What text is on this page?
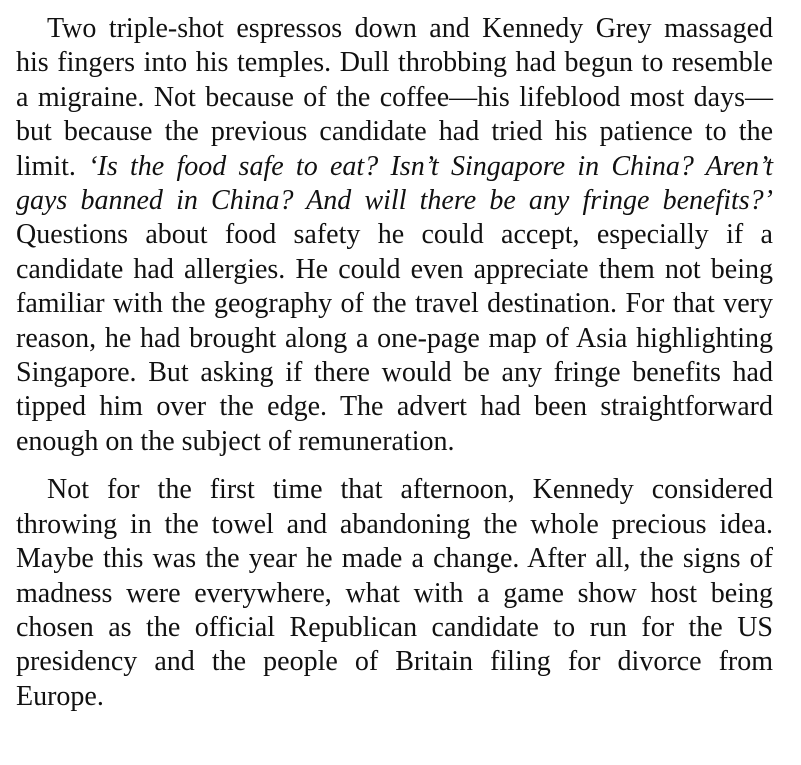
Two triple-shot espressos down and Kennedy Grey massaged his fingers into his temples. Dull throbbing had begun to resemble a migraine. Not because of the coffee—his lifeblood most days—but because the previous candidate had tried his patience to the limit. ‘Is the food safe to eat? Isn’t Singapore in China? Aren’t gays banned in China? And will there be any fringe benefits?’ Questions about food safety he could accept, especially if a candidate had allergies. He could even appreciate them not being familiar with the geography of the travel destination. For that very reason, he had brought along a one-page map of Asia highlighting Singapore. But asking if there would be any fringe benefits had tipped him over the edge. The advert had been straightforward enough on the subject of remuneration.

Not for the first time that afternoon, Kennedy considered throwing in the towel and abandoning the whole precious idea. Maybe this was the year he made a change. After all, the signs of madness were everywhere, what with a game show host being chosen as the official Republican candidate to run for the US presidency and the people of Britain filing for divorce from Europe.
